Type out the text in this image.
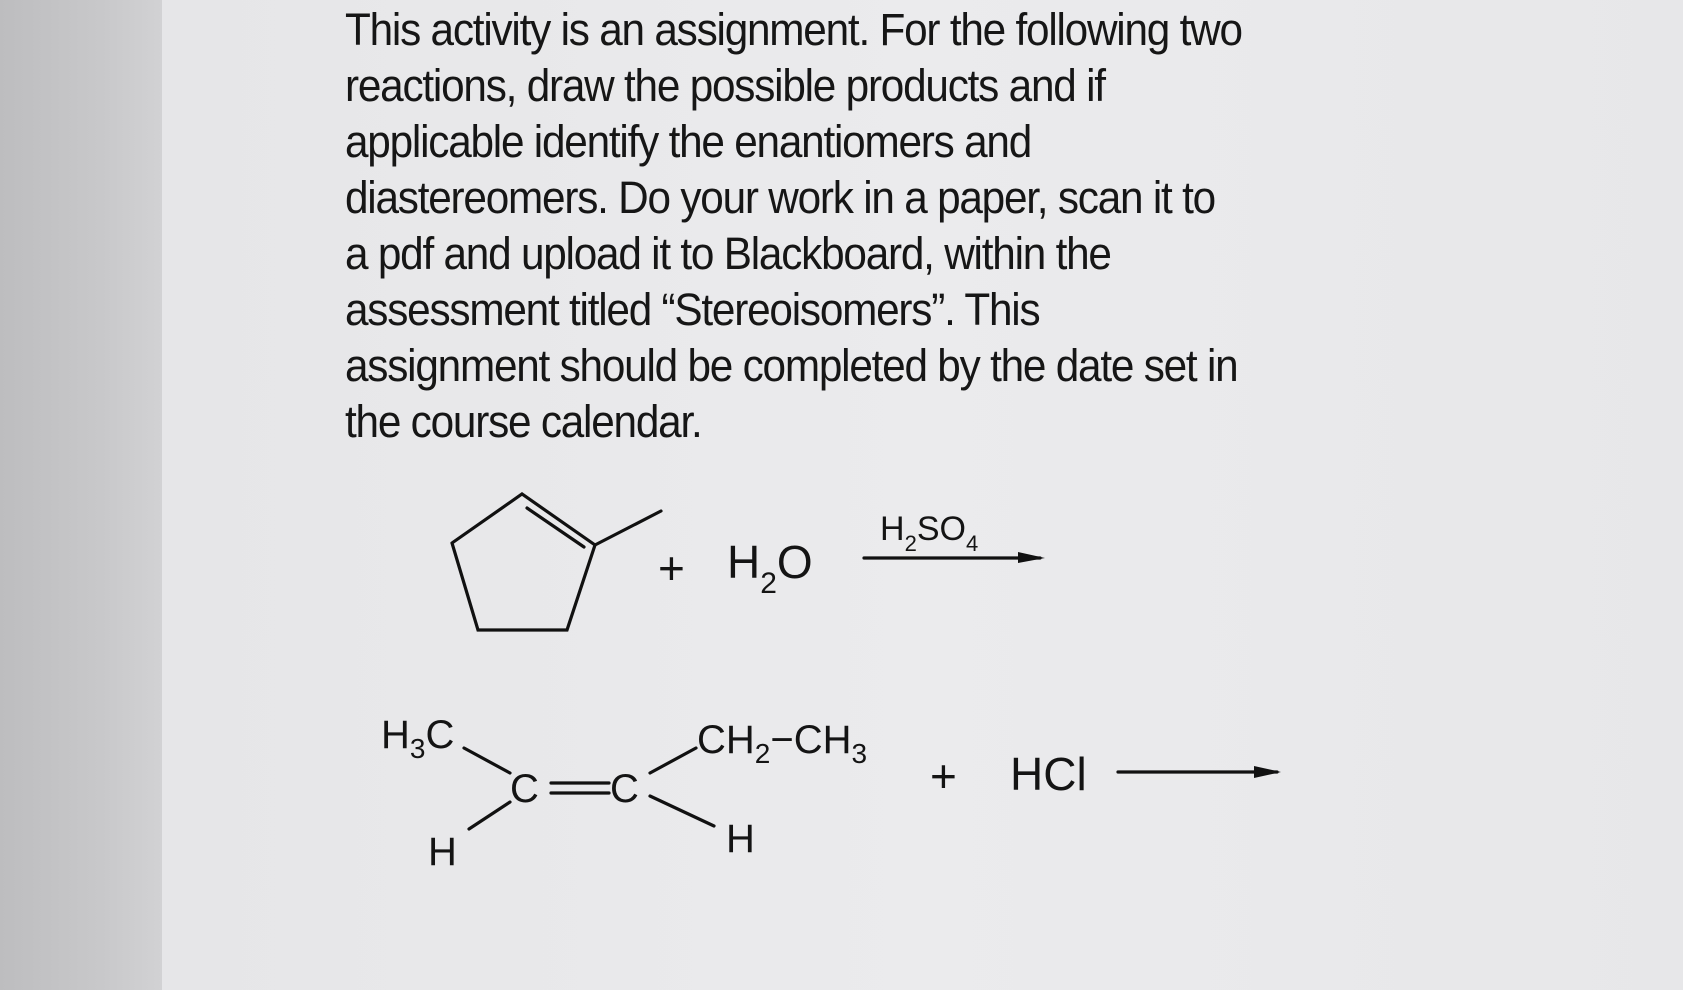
This activity is an assignment. For the following two
reactions, draw the possible products and if
applicable identify the enantiomers and
diastereomers. Do your work in a paper, scan it to
a pdf and upload it to Blackboard, within the
assessment titled “Stereoisomers”. This
assignment should be completed by the date set in
the course calendar.

+ $H_2O$
$H_2SO_4$
$H_3C$
H
C C
$CH_2-CH_3$
H
+ HCl
